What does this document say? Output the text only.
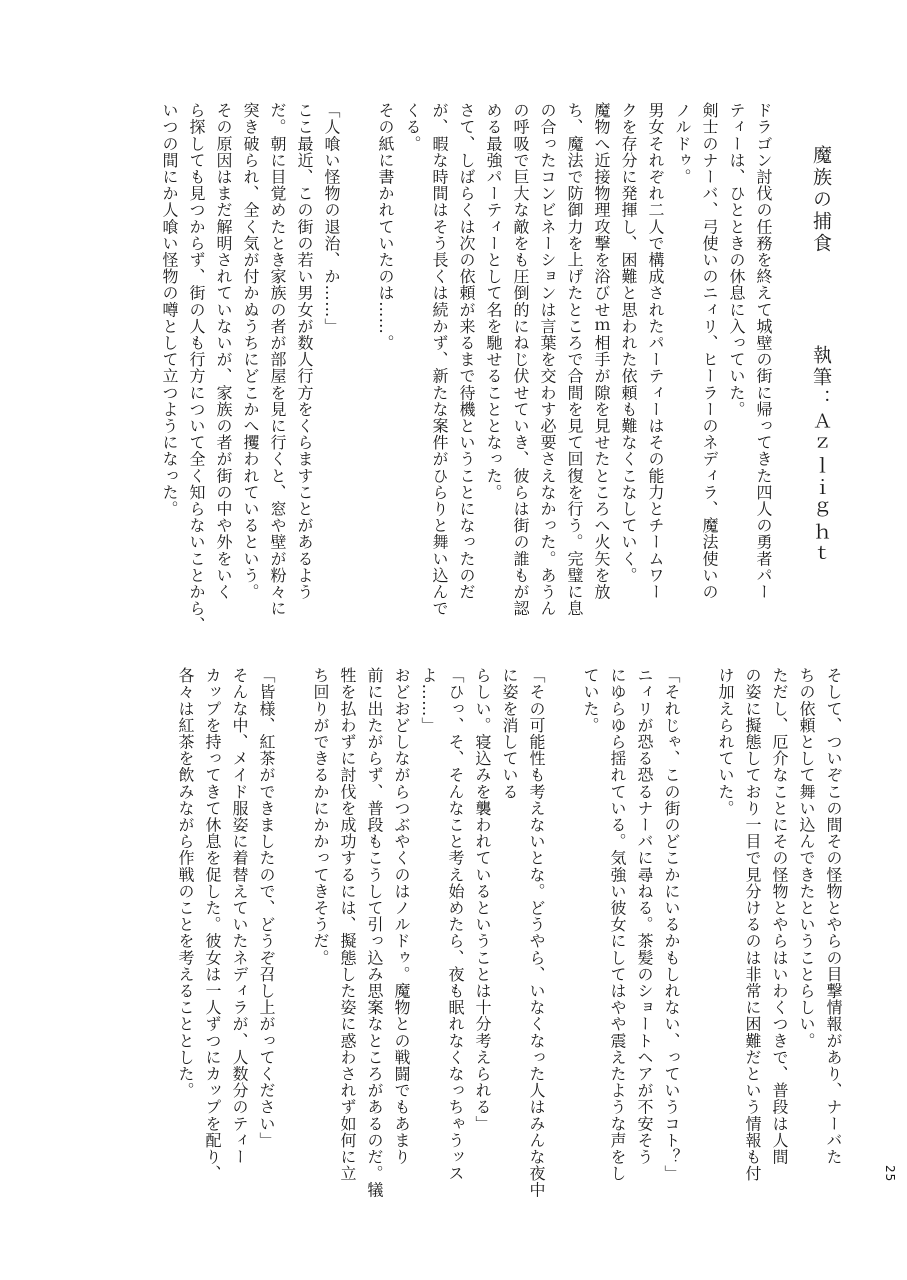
魔族の捕食
執筆：Ａｚｌｉｇｈｔ
ドラゴン討伐の任務を終えて城壁の街に帰ってきた四人の勇者パー
ティーは、ひとときの休息に入っていた。
剣士のナーバ、弓使いのニィリ、ヒーラーのネディラ、魔法使いの
ノルドゥ。
男女それぞれ二人で構成されたパーティーはその能力とチームワー
クを存分に発揮し、困難と思われた依頼も難なくこなしていく。
魔物へ近接物理攻撃を浴びせｍ相手が隙を見せたところへ火矢を放
ち、魔法で防御力を上げたところで合間を見て回復を行う。完璧に息
の合ったコンビネーションは言葉を交わす必要さえなかった。あうん
の呼吸で巨大な敵をも圧倒的にねじ伏せていき、彼らは街の誰もが認
める最強パーティーとして名を馳せることとなった。
さて、しばらくは次の依頼が来るまで待機ということになったのだ
が、暇な時間はそう長くは続かず、新たな案件がひらりと舞い込んで
くる。
その紙に書かれていたのは……。

「人喰い怪物の退治、か……」
ここ最近、この街の若い男女が数人行方をくらますことがあるよう
だ。朝に目覚めたとき家族の者が部屋を見に行くと、窓や壁が粉々に
突き破られ、全く気が付かぬうちにどこかへ攫われているという。
その原因はまだ解明されていないが、家族の者が街の中や外をいく
ら探しても見つからず、街の人も行方について全く知らないことから、
いつの間にか人喰い怪物の噂として立つようになった。
そして、ついぞこの間その怪物とやらの目撃情報があり、ナーバた
ちの依頼として舞い込んできたということらしい。
ただし、厄介なことにその怪物とやらはいわくつきで、普段は人間
の姿に擬態しており一目で見分けるのは非常に困難だという情報も付
け加えられていた。

「それじゃ、この街のどこかにいるかもしれない、っていうコト？」
ニィリが恐る恐るナーバに尋ねる。茶髪のショートヘアが不安そう
にゆらゆら揺れている。気強い彼女にしてはやや震えたような声をし
ていた。

「その可能性も考えないとな。どうやら、いなくなった人はみんな夜中
に姿を消している
らしい。寝込みを襲われているということは十分考えられる」
「ひっ、そ、そんなこと考え始めたら、夜も眠れなくなっちゃうッス
よ……」
おどおどしながらつぶやくのはノルドゥ。魔物との戦闘でもあまり
前に出たがらず、普段もこうして引っ込み思案なところがあるのだ。犠
牲を払わずに討伐を成功するには、擬態した姿に惑わされず如何に立
ち回りができるかにかかってきそうだ。

「皆様、紅茶ができましたので、どうぞ召し上がってください」
そんな中、メイド服姿に着替えていたネディラが、人数分のティー
カップを持ってきて休息を促した。彼女は一人ずつにカップを配り、
各々は紅茶を飲みながら作戦のことを考えることとした。
25
